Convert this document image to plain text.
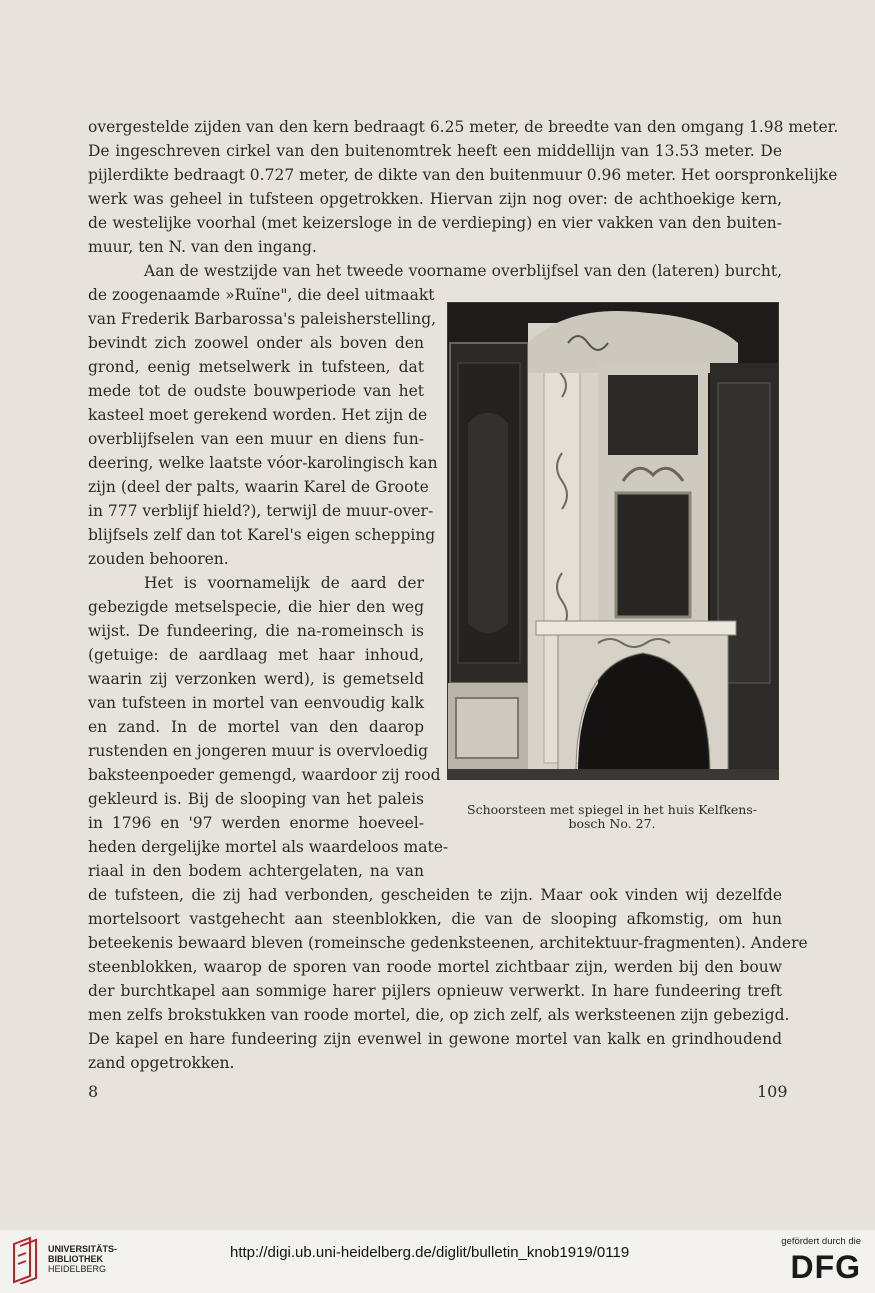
overgestelde zijden van den kern bedraagt 6.25 meter, de breedte van den omgang 1.98 meter.
De ingeschreven cirkel van den buitenomtrek heeft een middellijn van 13.53 meter. De
pijlerdikte bedraagt 0.727 meter, de dikte van den buitenmuur 0.96 meter. Het oorspronkelijke
werk was geheel in tufsteen opgetrokken. Hiervan zijn nog over: de achthoekige kern,
de westelijke voorhal (met keizersloge in de verdieping) en vier vakken van den buiten-
muur, ten N. van den ingang.
Aan de westzijde van het tweede voorname overblijfsel van den (lateren) burcht,
de zoogenaamde »Ruïne", die deel uitmaakt
van Frederik Barbarossa's paleisherstelling,
bevindt zich zoowel onder als boven den
grond, eenig metselwerk in tufsteen, dat
mede tot de oudste bouwperiode van het
kasteel moet gerekend worden. Het zijn de
overblijfselen van een muur en diens fun-
deering, welke laatste vóor-karolingisch kan
zijn (deel der palts, waarin Karel de Groote
in 777 verblijf hield?), terwijl de muur-over-
blijfsels zelf dan tot Karel's eigen schepping
zouden behooren.
Het is voornamelijk de aard der
gebezigde metselspecie, die hier den weg
wijst. De fundeering, die na-romeinsch is
(getuige: de aardlaag met haar inhoud,
waarin zij verzonken werd), is gemetseld
van tufsteen in mortel van eenvoudig kalk
en zand. In de mortel van den daarop
rustenden en jongeren muur is overvloedig
baksteenpoeder gemengd, waardoor zij rood
gekleurd is. Bij de slooping van het paleis
in 1796 en '97 werden enorme hoeveel-
heden dergelijke mortel als waardeloos mate-
riaal in den bodem achtergelaten, na van
de tufsteen, die zij had verbonden, gescheiden te zijn. Maar ook vinden wij dezelfde
mortelsoort vastgehecht aan steenblokken, die van de slooping afkomstig, om hun
beteekenis bewaard bleven (romeinsche gedenksteenen, architektuur-fragmenten). Andere
steenblokken, waarop de sporen van roode mortel zichtbaar zijn, werden bij den bouw
der burchtkapel aan sommige harer pijlers opnieuw verwerkt. In hare fundeering treft
men zelfs brokstukken van roode mortel, die, op zich zelf, als werksteenen zijn gebezigd.
De kapel en hare fundeering zijn evenwel in gewone mortel van kalk en grindhoudend
zand opgetrokken.
Schoorsteen met spiegel in het huis Kelfkens-
bosch No. 27.
8	109
UNIVERSITÄTS-
BIBLIOTHEK
HEIDELBERG
http://digi.ub.uni-heidelberg.de/diglit/bulletin_knob1919/0119
gefördert durch die
DFG
